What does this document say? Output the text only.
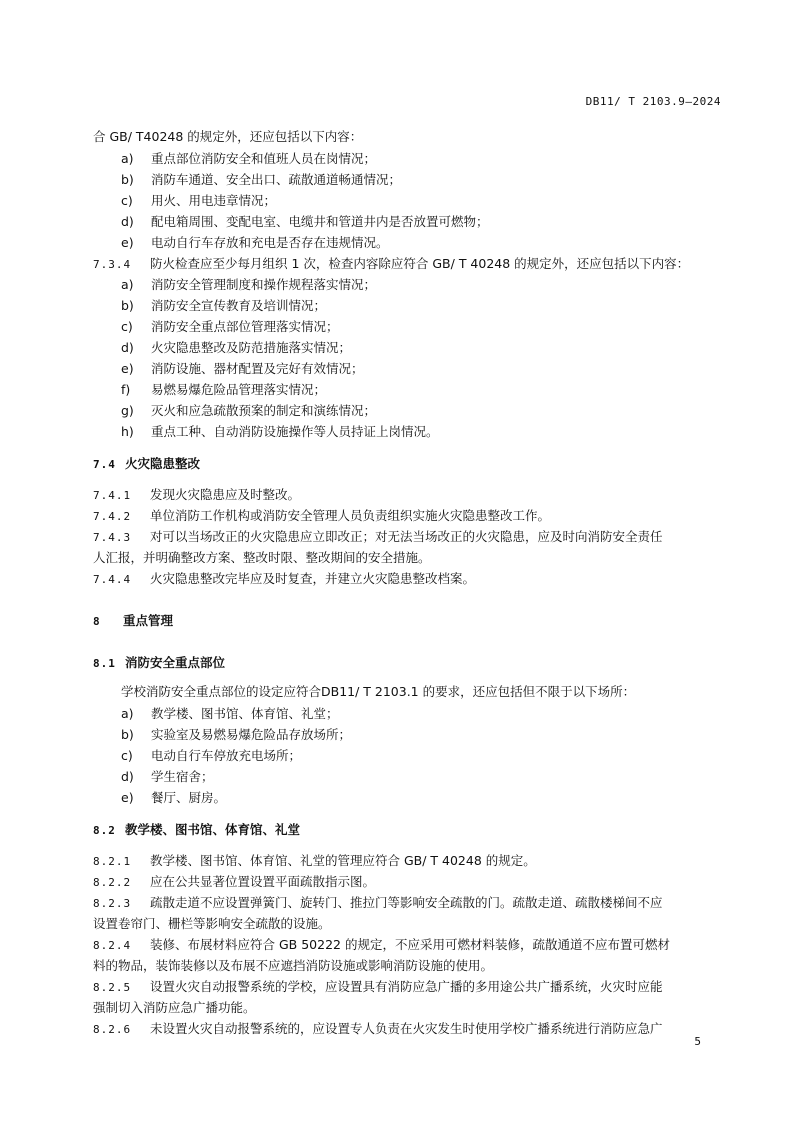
DB11/ T 2103.9—2024
合 GB/ T40248 的规定外，还应包括以下内容：
a) 重点部位消防安全和值班人员在岗情况；
b) 消防车通道、安全出口、疏散通道畅通情况；
c) 用火、用电违章情况；
d) 配电箱周围、变配电室、电缆井和管道井内是否放置可燃物；
e) 电动自行车存放和充电是否存在违规情况。
7.3.4 防火检查应至少每月组织 1 次，检查内容除应符合 GB/ T 40248 的规定外，还应包括以下内容：
a) 消防安全管理制度和操作规程落实情况；
b) 消防安全宣传教育及培训情况；
c) 消防安全重点部位管理落实情况；
d) 火灾隐患整改及防范措施落实情况；
e) 消防设施、器材配置及完好有效情况；
f) 易燃易爆危险品管理落实情况；
g) 灭火和应急疏散预案的制定和演练情况；
h) 重点工种、自动消防设施操作等人员持证上岗情况。
7.4 火灾隐患整改
7.4.1 发现火灾隐患应及时整改。
7.4.2 单位消防工作机构或消防安全管理人员负责组织实施火灾隐患整改工作。
7.4.3 对可以当场改正的火灾隐患应立即改正；对无法当场改正的火灾隐患，应及时向消防安全责任
人汇报，并明确整改方案、整改时限、整改期间的安全措施。
7.4.4 火灾隐患整改完毕应及时复查，并建立火灾隐患整改档案。
8 重点管理
8.1 消防安全重点部位
学校消防安全重点部位的设定应符合DB11/ T 2103.1 的要求，还应包括但不限于以下场所：
a) 教学楼、图书馆、体育馆、礼堂；
b) 实验室及易燃易爆危险品存放场所；
c) 电动自行车停放充电场所；
d) 学生宿舍；
e) 餐厅、厨房。
8.2 教学楼、图书馆、体育馆、礼堂
8.2.1 教学楼、图书馆、体育馆、礼堂的管理应符合 GB/ T 40248 的规定。
8.2.2 应在公共显著位置设置平面疏散指示图。
8.2.3 疏散走道不应设置弹簧门、旋转门、推拉门等影响安全疏散的门。疏散走道、疏散楼梯间不应
设置卷帘门、栅栏等影响安全疏散的设施。
8.2.4 装修、布展材料应符合 GB 50222 的规定，不应采用可燃材料装修，疏散通道不应布置可燃材
料的物品，装饰装修以及布展不应遮挡消防设施或影响消防设施的使用。
8.2.5 设置火灾自动报警系统的学校，应设置具有消防应急广播的多用途公共广播系统，火灾时应能
强制切入消防应急广播功能。
8.2.6 未设置火灾自动报警系统的，应设置专人负责在火灾发生时使用学校广播系统进行消防应急广
5
